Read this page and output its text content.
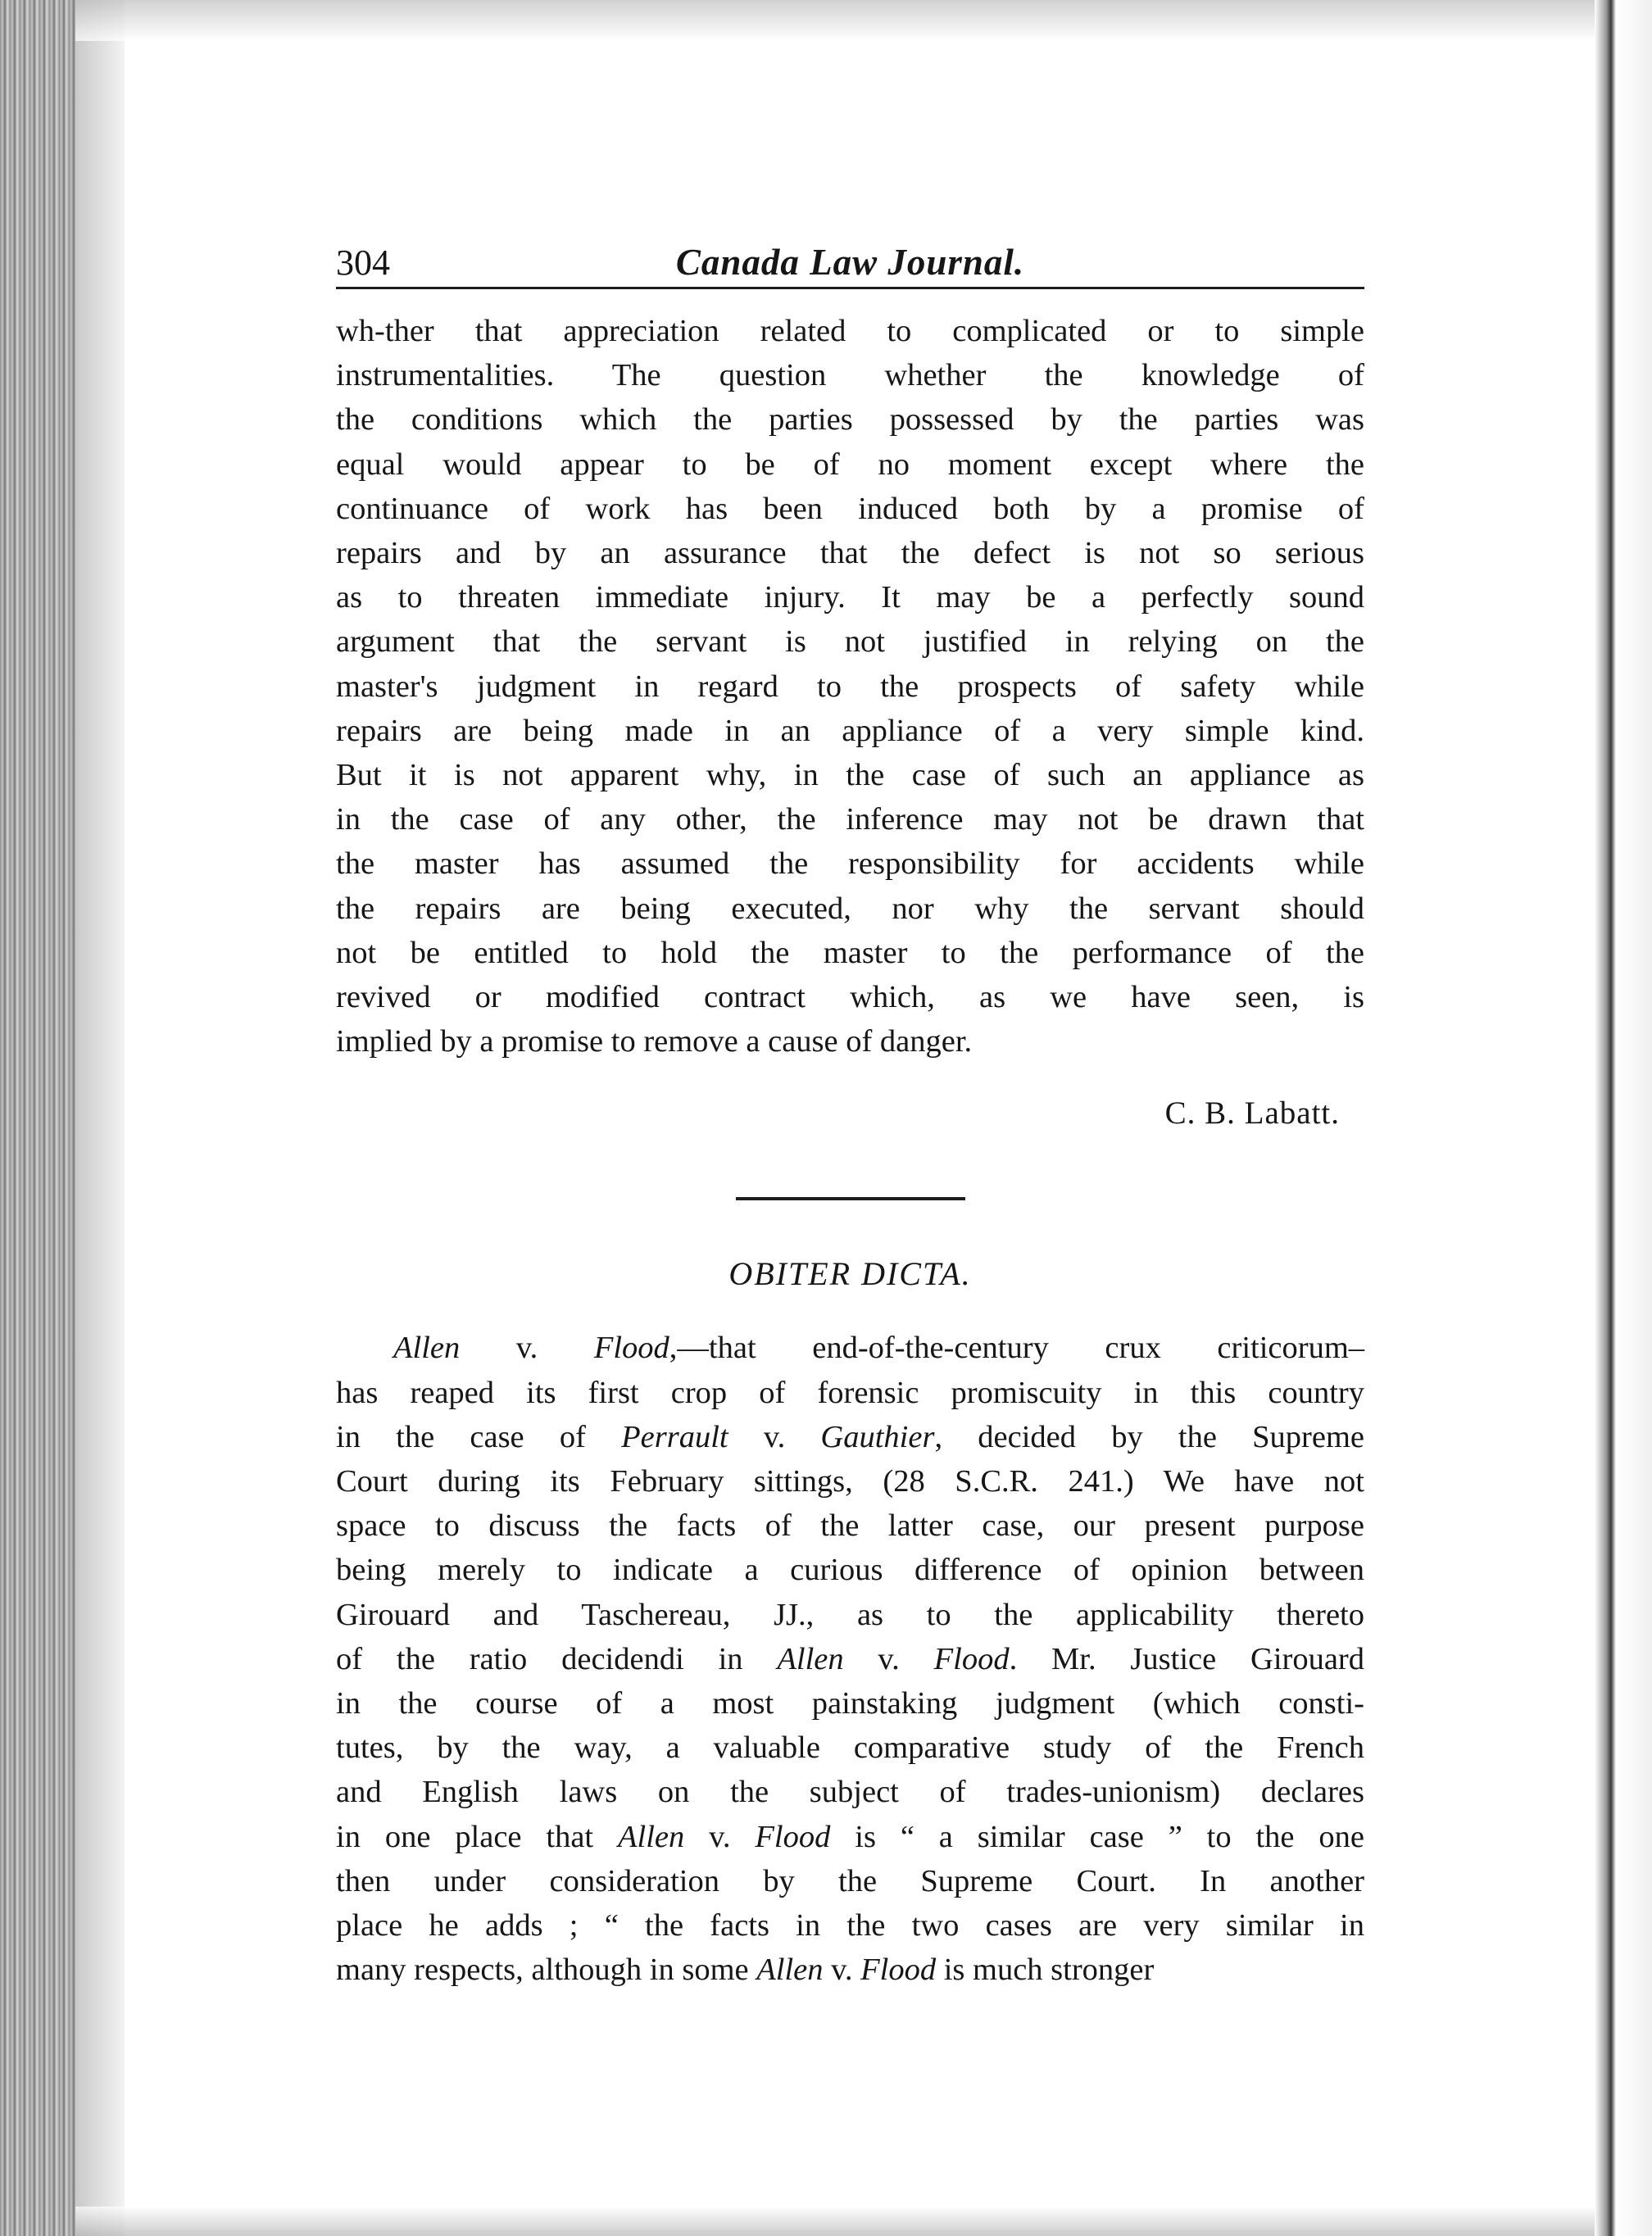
304	Canada Law Journal.
wh-ther that appreciation related to complicated or to simple
instrumentalities. The question whether the knowledge of
the conditions which the parties possessed by the parties was
equal would appear to be of no moment except where the
continuance of work has been induced both by a promise of
repairs and by an assurance that the defect is not so serious
as to threaten immediate injury. It may be a perfectly sound
argument that the servant is not justified in relying on the
master's judgment in regard to the prospects of safety while
repairs are being made in an appliance of a very simple kind.
But it is not apparent why, in the case of such an appliance as
in the case of any other, the inference may not be drawn that
the master has assumed the responsibility for accidents while
the repairs are being executed, nor why the servant should
not be entitled to hold the master to the performance of the
revived or modified contract which, as we have seen, is
implied by a promise to remove a cause of danger.
C. B. Labatt.
OBITER DICTA.
Allen v. Flood,—that end-of-the-century crux criticorum–
has reaped its first crop of forensic promiscuity in this country
in the case of Perrault v. Gauthier, decided by the Supreme
Court during its February sittings, (28 S.C.R. 241.) We have not
space to discuss the facts of the latter case, our present purpose
being merely to indicate a curious difference of opinion between
Girouard and Taschereau, JJ., as to the applicability thereto
of the ratio decidendi in Allen v. Flood. Mr. Justice Girouard
in the course of a most painstaking judgment (which consti-
tutes, by the way, a valuable comparative study of the French
and English laws on the subject of trades-unionism) declares
in one place that Allen v. Flood is “ a similar case ” to the one
then under consideration by the Supreme Court. In another
place he adds ; “ the facts in the two cases are very similar in
many respects, although in some Allen v. Flood is much stronger
